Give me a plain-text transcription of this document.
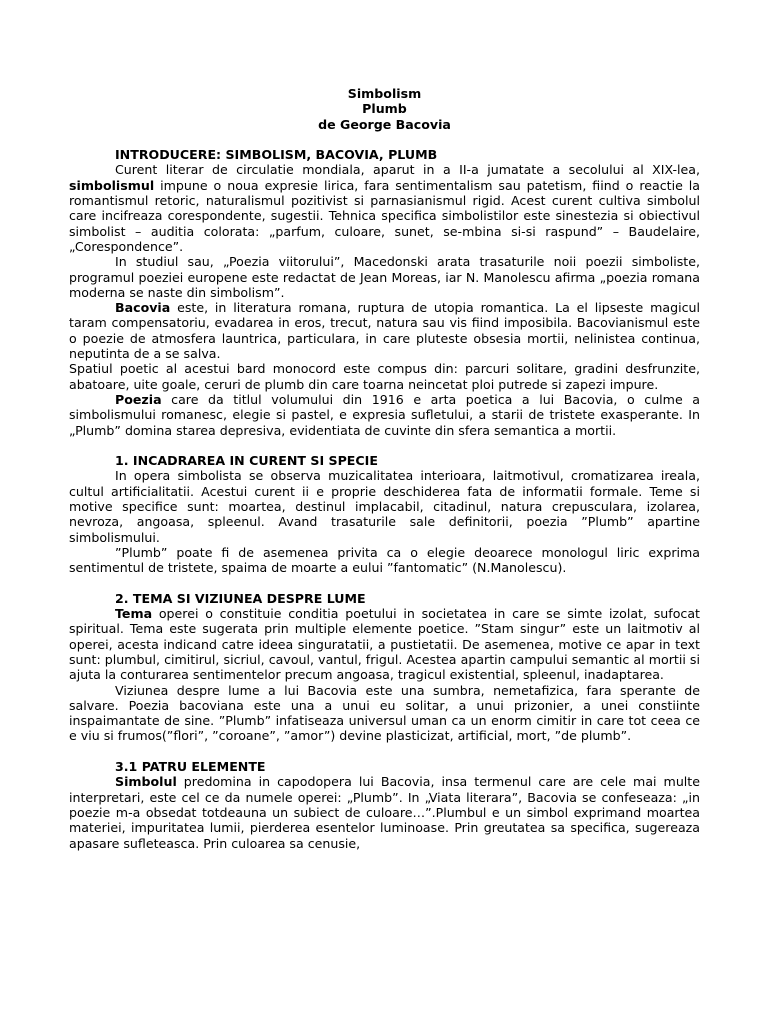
Simbolism
Plumb
de George Bacovia
INTRODUCERE: SIMBOLISM, BACOVIA, PLUMB

Curent literar de circulatie mondiala, aparut in a II-a jumatate a secolului al XIX-lea, simbolismul impune o noua expresie lirica, fara sentimentalism sau patetism, fiind o reactie la romantismul retoric, naturalismul pozitivist si parnasianismul rigid. Acest curent cultiva simbolul care incifreaza corespondente, sugestii. Tehnica specifica simbolistilor este sinestezia si obiectivul simbolist – auditia colorata: „parfum, culoare, sunet, se-mbina si-si raspund” – Baudelaire, „Corespondence”.

In studiul sau, „Poezia viitorului”, Macedonski arata trasaturile noii poezii simboliste, programul poeziei europene este redactat de Jean Moreas, iar N. Manolescu afirma „poezia romana moderna se naste din simbolism”.

Bacovia este, in literatura romana, ruptura de utopia romantica. La el lipseste magicul taram compensatoriu, evadarea in eros, trecut, natura sau vis fiind imposibila. Bacovianismul este o poezie de atmosfera launtrica, particulara, in care pluteste obsesia mortii, nelinistea continua, neputinta de a se salva.

Spatiul poetic al acestui bard monocord este compus din: parcuri solitare, gradini desfrunzite, abatoare, uite goale, ceruri de plumb din care toarna neincetat ploi putrede si zapezi impure.

Poezia care da titlul volumului din 1916 e arta poetica a lui Bacovia, o culme a simbolismului romanesc, elegie si pastel, e expresia sufletului, a starii de tristete exasperante. In „Plumb” domina starea depresiva, evidentiata de cuvinte din sfera semantica a mortii.

1. INCADRAREA IN CURENT SI SPECIE

In opera simbolista se observa muzicalitatea interioara, laitmotivul, cromatizarea ireala, cultul artificialitatii. Acestui curent ii e proprie deschiderea fata de informatii formale. Teme si motive specifice sunt: moartea, destinul implacabil, citadinul, natura crepusculara, izolarea, nevroza, angoasa, spleenul. Avand trasaturile sale definitorii, poezia ”Plumb” apartine simbolismului.

”Plumb” poate fi de asemenea privita ca o elegie deoarece monologul liric exprima sentimentul de tristete, spaima de moarte a eului ”fantomatic” (N.Manolescu).

2. TEMA SI VIZIUNEA DESPRE LUME

Tema operei o constituie conditia poetului in societatea in care se simte izolat, sufocat spiritual. Tema este sugerata prin multiple elemente poetice. ”Stam singur” este un laitmotiv al operei, acesta indicand catre ideea singuratatii, a pustietatii. De asemenea, motive ce apar in text sunt: plumbul, cimitirul, sicriul, cavoul, vantul, frigul. Acestea apartin campului semantic al mortii si ajuta la conturarea sentimentelor precum angoasa, tragicul existential, spleenul, inadaptarea.

Viziunea despre lume a lui Bacovia este una sumbra, nemetafizica, fara sperante de salvare. Poezia bacoviana este una a unui eu solitar, a unui prizonier, a unei constiinte inspaimantate de sine. ”Plumb” infatiseaza universul uman ca un enorm cimitir in care tot ceea ce e viu si frumos(”flori”, ”coroane”, ”amor”) devine plasticizat, artificial, mort, ”de plumb”.

3.1 PATRU ELEMENTE

Simbolul predomina in capodopera lui Bacovia, insa termenul care are cele mai multe interpretari, este cel ce da numele operei: „Plumb”. In „Viata literara”, Bacovia se confeseaza: „in poezie m-a obsedat totdeauna un subiect de culoare…”.Plumbul e un simbol exprimand moartea materiei, impuritatea lumii, pierderea esentelor luminoase. Prin greutatea sa specifica, sugereaza apasare sufleteasca. Prin culoarea sa cenusie,
